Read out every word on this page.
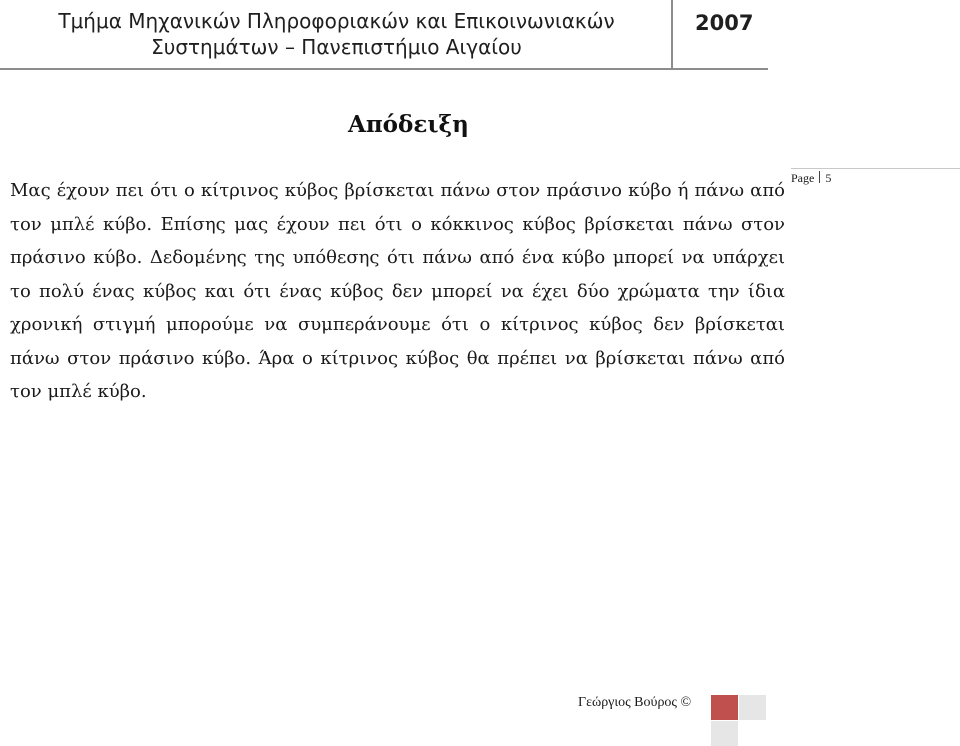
Τμήμα Μηχανικών Πληροφοριακών και Επικοινωνιακών
Συστημάτων – Πανεπιστήμιο Αιγαίου
2007
Απόδειξη
Μας έχουν πει ότι ο κίτρινος κύβος βρίσκεται πάνω στον πράσινο κύβο ή πάνω από τον μπλέ κύβο. Επίσης μας έχουν πει ότι ο κόκκινος κύβος βρίσκεται πάνω στον πράσινο κύβο. Δεδομένης της υπόθεσης ότι πάνω από ένα κύβο μπορεί να υπάρχει το πολύ ένας κύβος και ότι ένας κύβος δεν μπορεί να έχει δύο χρώματα την ίδια χρονική στιγμή μπορούμε να συμπεράνουμε ότι ο κίτρινος κύβος δεν βρίσκεται πάνω στον πράσινο κύβο. Άρα ο κίτρινος κύβος θα πρέπει να βρίσκεται πάνω από τον μπλέ κύβο.
Page 5
Γεώργιος Βούρος ©
